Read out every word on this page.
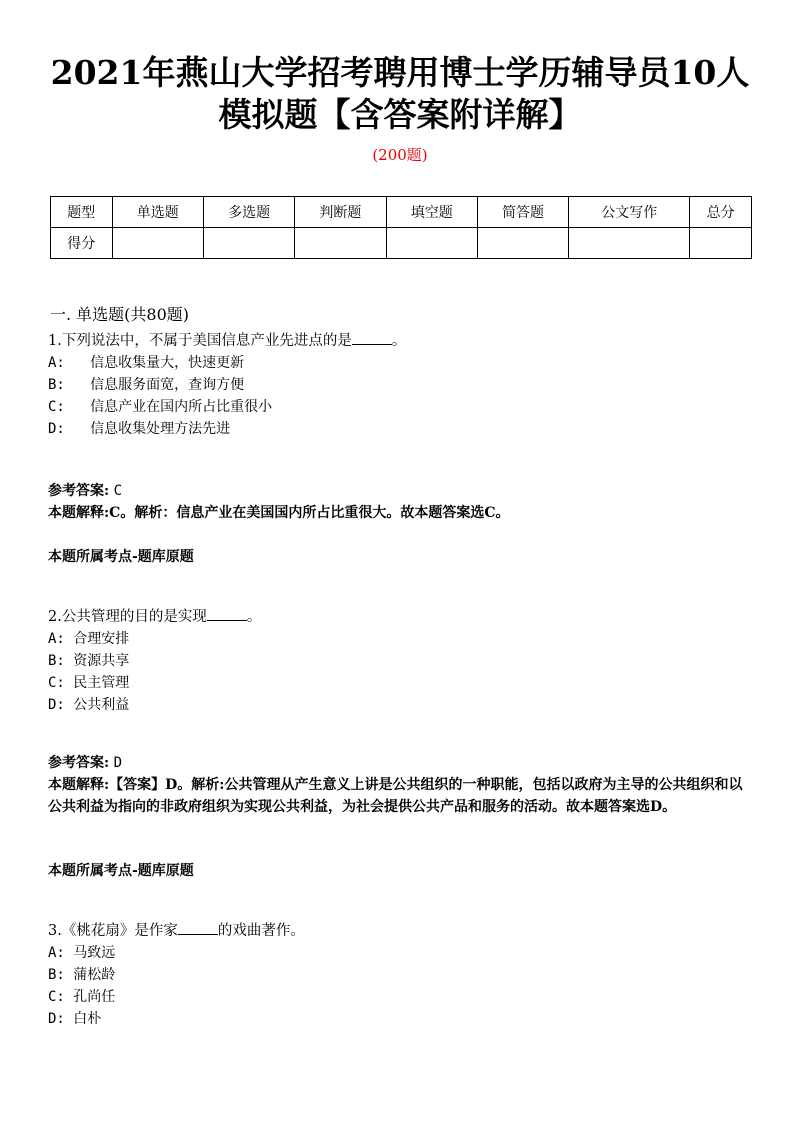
2021年燕山大学招考聘用博士学历辅导员10人模拟题【含答案附详解】
(200题)
题型	单选题	多选题	判断题	填空题	简答题	公文写作	总分
得分							
一. 单选题(共80题)
1.下列说法中，不属于美国信息产业先进点的是	。
A: 信息收集量大，快速更新
B: 信息服务面宽，查询方便
C: 信息产业在国内所占比重很小
D: 信息收集处理方法先进
参考答案: C
本题解释:C。解析：信息产业在美国国内所占比重很大。故本题答案选C。
本题所属考点-题库原题
2.公共管理的目的是实现	。
A: 合理安排
B: 资源共享
C: 民主管理
D: 公共利益
参考答案: D
本题解释:【答案】D。解析:公共管理从产生意义上讲是公共组织的一种职能，包括以政府为主导的公共组织和以公共利益为指向的非政府组织为实现公共利益，为社会提供公共产品和服务的活动。故本题答案选D。
本题所属考点-题库原题
3.《桃花扇》是作家	的戏曲著作。
A: 马致远
B: 蒲松龄
C: 孔尚任
D: 白朴
